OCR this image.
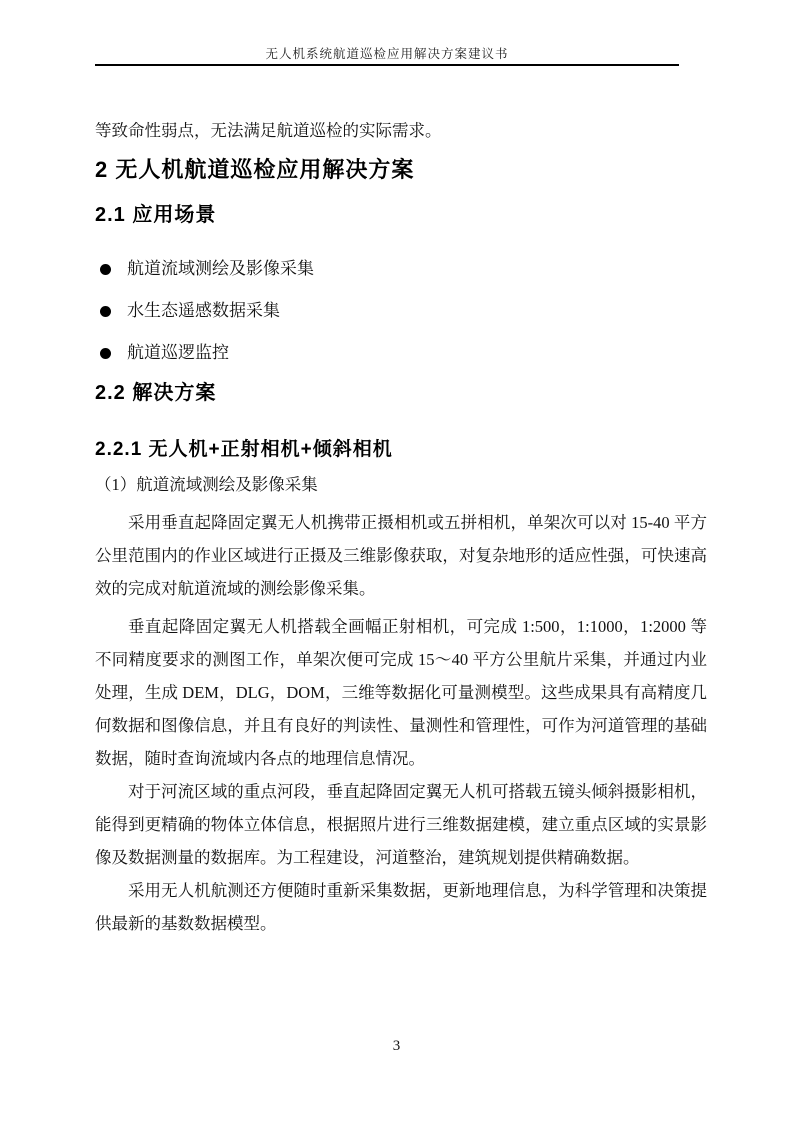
无人机系统航道巡检应用解决方案建议书

等致命性弱点，无法满足航道巡检的实际需求。

2 无人机航道巡检应用解决方案
2.1 应用场景
航道流域测绘及影像采集
水生态遥感数据采集
航道巡逻监控
2.2 解决方案
2.2.1 无人机+正射相机+倾斜相机

（1）航道流域测绘及影像采集

采用垂直起降固定翼无人机携带正摄相机或五拼相机，单架次可以对 15-40 平方公里范围内的作业区域进行正摄及三维影像获取，对复杂地形的适应性强，可快速高效的完成对航道流域的测绘影像采集。

垂直起降固定翼无人机搭载全画幅正射相机，可完成 1:500，1:1000，1:2000 等不同精度要求的测图工作，单架次便可完成 15～40 平方公里航片采集，并通过内业处理，生成 DEM，DLG，DOM，三维等数据化可量测模型。这些成果具有高精度几何数据和图像信息，并且有良好的判读性、量测性和管理性，可作为河道管理的基础数据，随时查询流域内各点的地理信息情况。

对于河流区域的重点河段，垂直起降固定翼无人机可搭载五镜头倾斜摄影相机，能得到更精确的物体立体信息，根据照片进行三维数据建模，建立重点区域的实景影像及数据测量的数据库。为工程建设，河道整治，建筑规划提供精确数据。

采用无人机航测还方便随时重新采集数据，更新地理信息，为科学管理和决策提供最新的基数数据模型。

3
